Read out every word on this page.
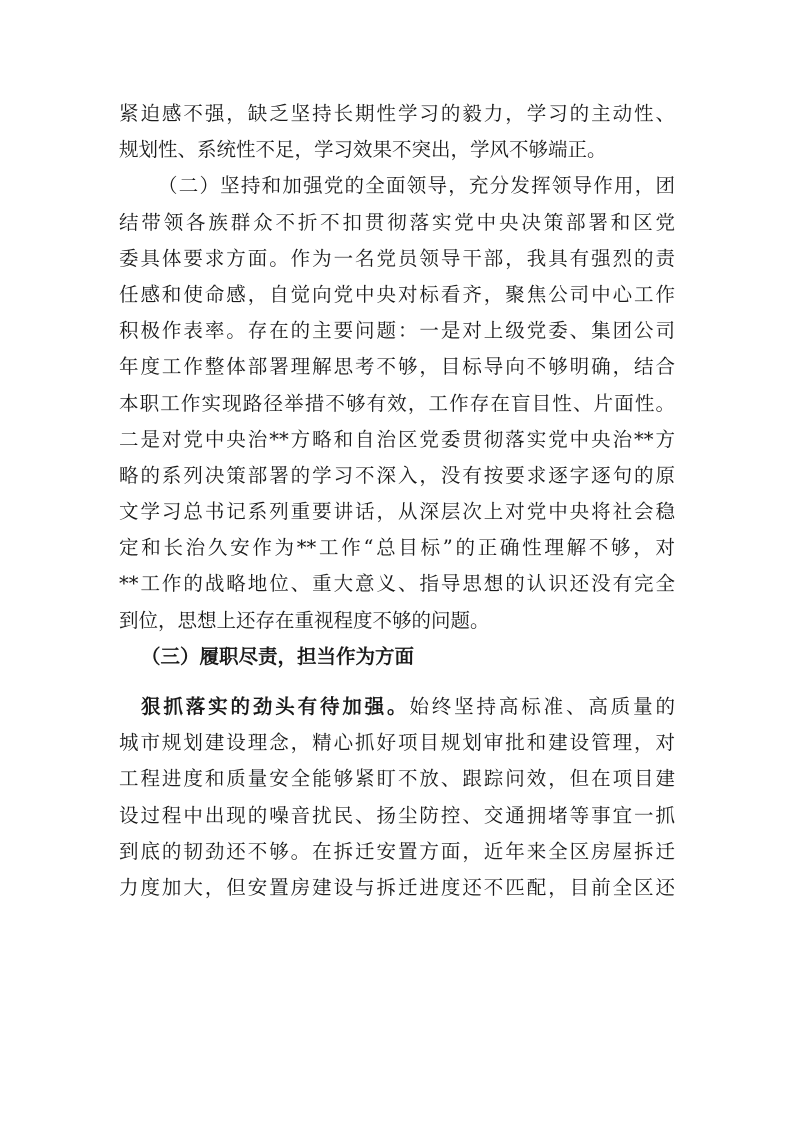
紧迫感不强，缺乏坚持长期性学习的毅力，学习的主动性、
规划性、系统性不足，学习效果不突出，学风不够端正。
（二）坚持和加强党的全面领导，充分发挥领导作用，团
结带领各族群众不折不扣贯彻落实党中央决策部署和区党
委具体要求方面。作为一名党员领导干部，我具有强烈的责
任感和使命感，自觉向党中央对标看齐，聚焦公司中心工作
积极作表率。存在的主要问题：一是对上级党委、集团公司
年度工作整体部署理解思考不够，目标导向不够明确，结合
本职工作实现路径举措不够有效，工作存在盲目性、片面性。
二是对党中央治**方略和自治区党委贯彻落实党中央治**方
略的系列决策部署的学习不深入，没有按要求逐字逐句的原
文学习总书记系列重要讲话，从深层次上对党中央将社会稳
定和长治久安作为**工作“总目标”的正确性理解不够，对
**工作的战略地位、重大意义、指导思想的认识还没有完全
到位，思想上还存在重视程度不够的问题。
（三）履职尽责，担当作为方面
狠抓落实的劲头有待加强。始终坚持高标准、高质量的
城市规划建设理念，精心抓好项目规划审批和建设管理，对
工程进度和质量安全能够紧盯不放、跟踪问效，但在项目建
设过程中出现的噪音扰民、扬尘防控、交通拥堵等事宜一抓
到底的韧劲还不够。在拆迁安置方面，近年来全区房屋拆迁
力度加大，但安置房建设与拆迁进度还不匹配，目前全区还
